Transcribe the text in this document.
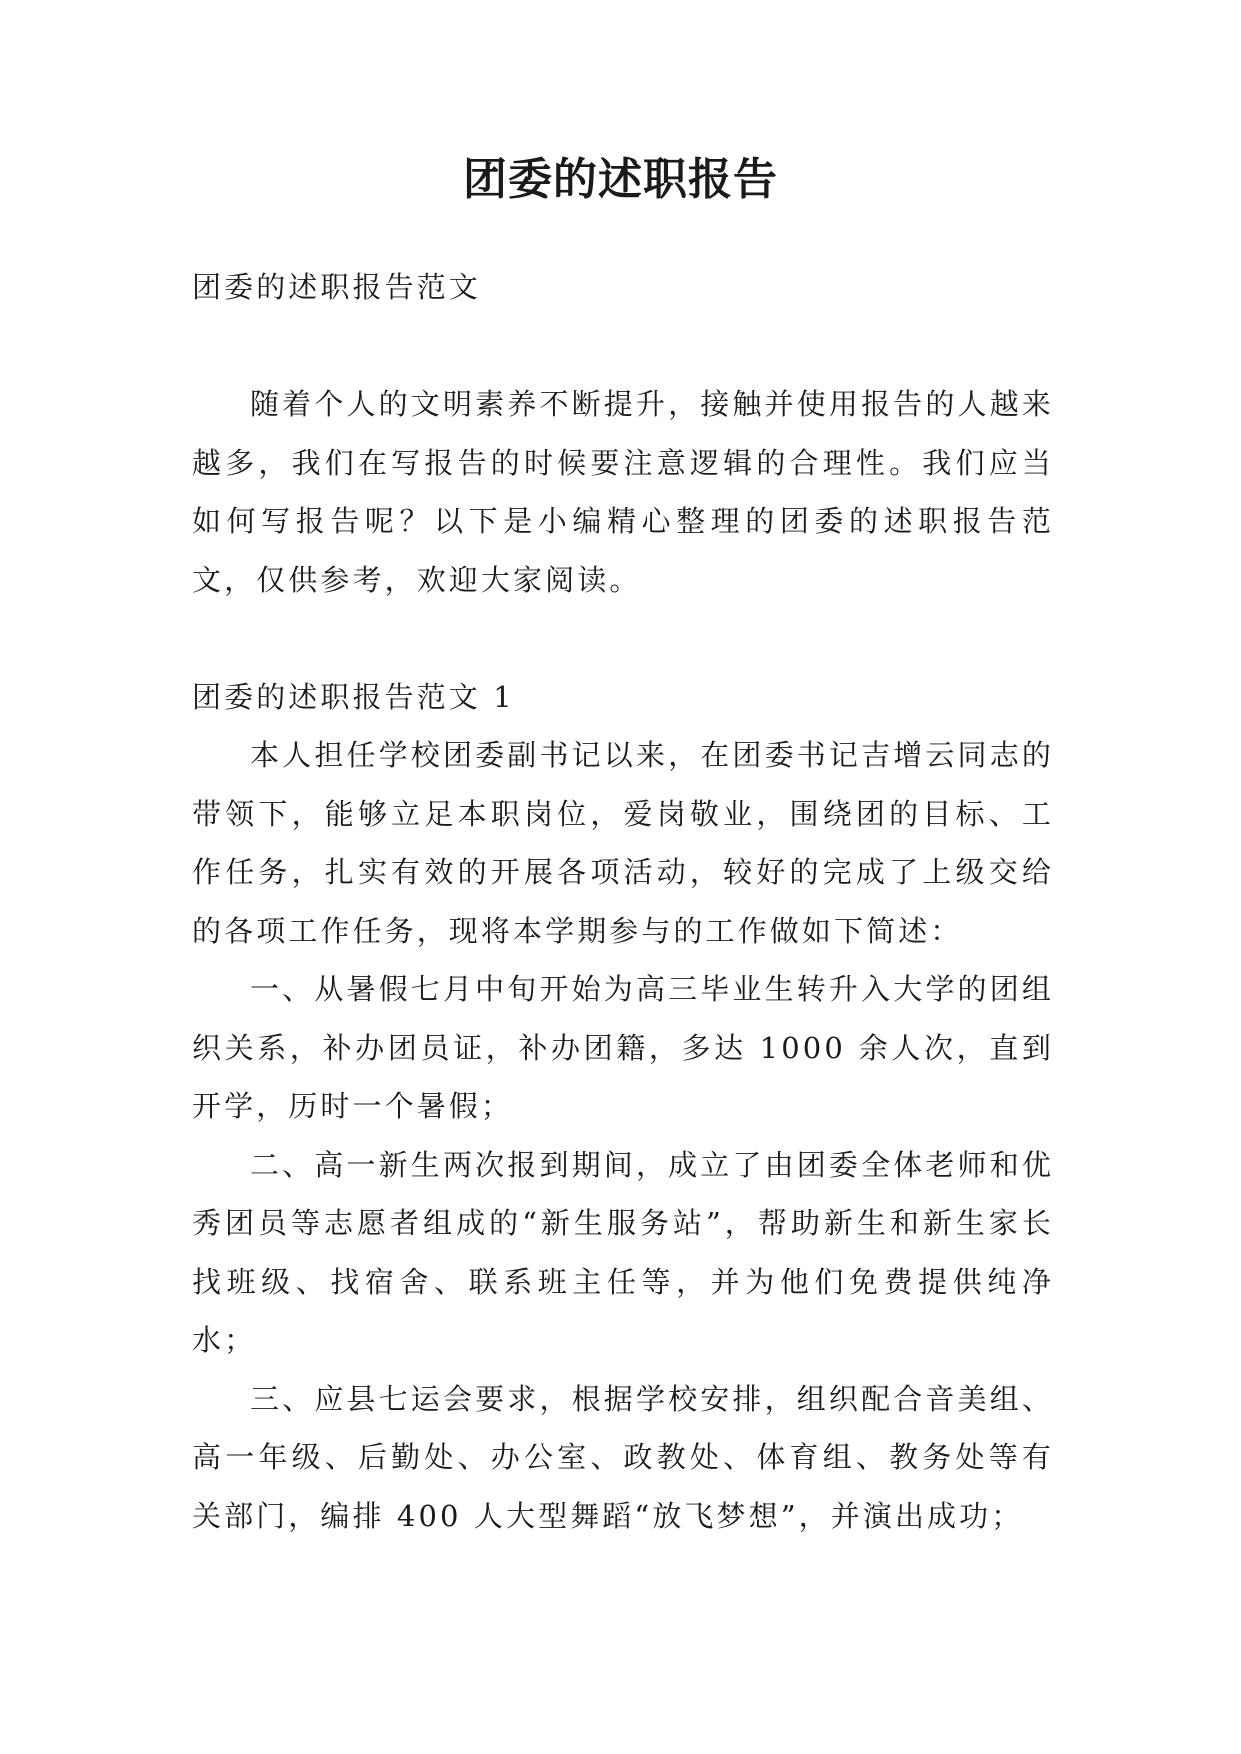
团委的述职报告

团委的述职报告范文

随着个人的文明素养不断提升，接触并使用报告的人越来越多，我们在写报告的时候要注意逻辑的合理性。我们应当如何写报告呢？以下是小编精心整理的团委的述职报告范文，仅供参考，欢迎大家阅读。

团委的述职报告范文 1

本人担任学校团委副书记以来，在团委书记吉增云同志的带领下，能够立足本职岗位，爱岗敬业，围绕团的目标、工作任务，扎实有效的开展各项活动，较好的完成了上级交给的各项工作任务，现将本学期参与的工作做如下简述：

一、从暑假七月中旬开始为高三毕业生转升入大学的团组织关系，补办团员证，补办团籍，多达 1000 余人次，直到开学，历时一个暑假；

二、高一新生两次报到期间，成立了由团委全体老师和优秀团员等志愿者组成的“新生服务站”，帮助新生和新生家长找班级、找宿舍、联系班主任等，并为他们免费提供纯净水；

三、应县七运会要求，根据学校安排，组织配合音美组、高一年级、后勤处、办公室、政教处、体育组、教务处等有关部门，编排 400 人大型舞蹈“放飞梦想”，并演出成功；
